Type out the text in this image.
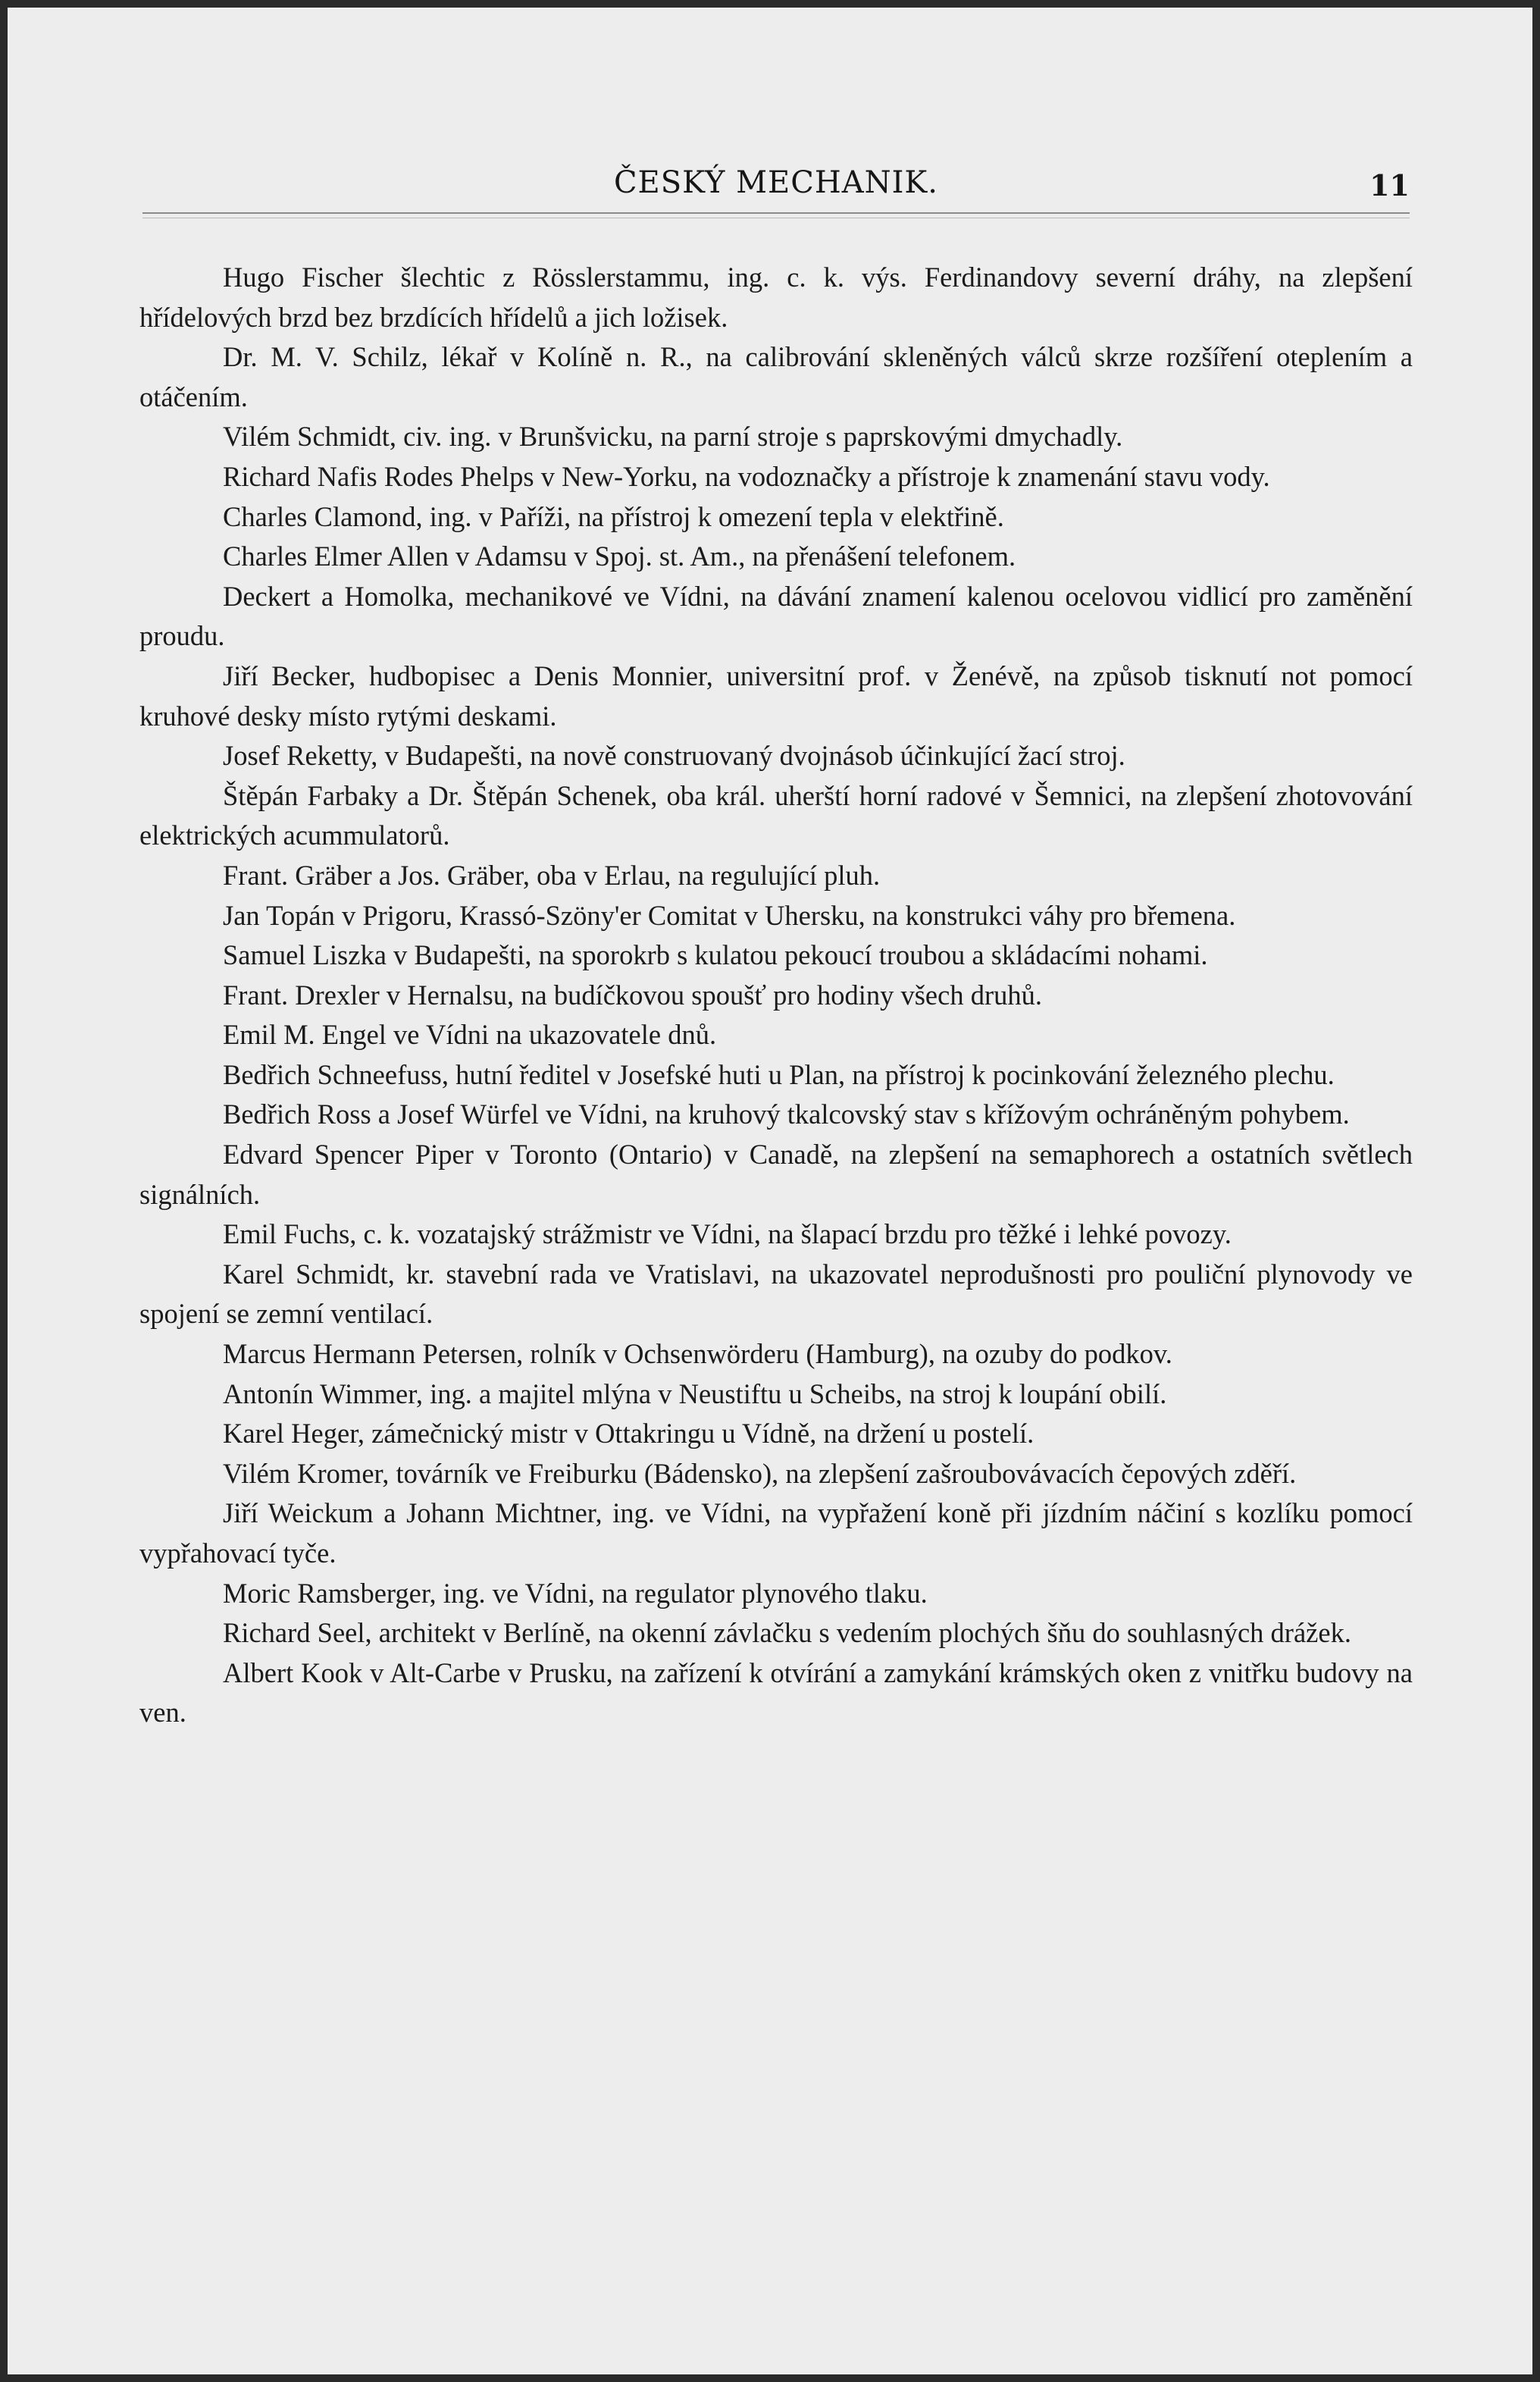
ČESKÝ MECHANIK.	11

Hugo Fischer šlechtic z Rösslerstammu, ing. c. k. výs. Ferdinandovy severní dráhy, na zlepšení hřídelových brzd bez brzdících hřídelů a jich ložisek.

Dr. M. V. Schilz, lékař v Kolíně n. R., na calibrování skleněných válců skrze rozšíření oteplením a otáčením.

Vilém Schmidt, civ. ing. v Brunšvicku, na parní stroje s paprskovými dmychadly.

Richard Nafis Rodes Phelps v New-Yorku, na vodoznačky a přístroje k znamenání stavu vody.

Charles Clamond, ing. v Paříži, na přístroj k omezení tepla v elektřině.

Charles Elmer Allen v Adamsu v Spoj. st. Am., na přenášení telefonem.

Deckert a Homolka, mechanikové ve Vídni, na dávání znamení kalenou ocelovou vidlicí pro zaměnění proudu.

Jiří Becker, hudbopisec a Denis Monnier, universitní prof. v Ženévě, na způsob tisknutí not pomocí kruhové desky místo rytými deskami.

Josef Reketty, v Budapešti, na nově construovaný dvojnásob účinkující žací stroj.

Štěpán Farbaky a Dr. Štěpán Schenek, oba král. uherští horní radové v Šemnici, na zlepšení zhotovování elektrických acummulatorů.

Frant. Gräber a Jos. Gräber, oba v Erlau, na regulující pluh.

Jan Topán v Prigoru, Krassó-Szöny'er Comitat v Uhersku, na konstrukci váhy pro břemena.

Samuel Liszka v Budapešti, na sporokrb s kulatou pekoucí troubou a skládacími nohami.

Frant. Drexler v Hernalsu, na budíčkovou spoušť pro hodiny všech druhů.

Emil M. Engel ve Vídni na ukazovatele dnů.

Bedřich Schneefuss, hutní ředitel v Josefské huti u Plan, na přístroj k pocinkování železného plechu.

Bedřich Ross a Josef Würfel ve Vídni, na kruhový tkalcovský stav s křížovým ochráněným pohybem.

Edvard Spencer Piper v Toronto (Ontario) v Canadě, na zlepšení na semaphorech a ostatních světlech signálních.

Emil Fuchs, c. k. vozatajský strážmistr ve Vídni, na šlapací brzdu pro těžké i lehké povozy.

Karel Schmidt, kr. stavební rada ve Vratislavi, na ukazovatel neprodušnosti pro pouliční plynovody ve spojení se zemní ventilací.

Marcus Hermann Petersen, rolník v Ochsenwörderu (Hamburg), na ozuby do podkov.

Antonín Wimmer, ing. a majitel mlýna v Neustiftu u Scheibs, na stroj k loupání obilí.

Karel Heger, zámečnický mistr v Ottakringu u Vídně, na držení u postelí.

Vilém Kromer, továrník ve Freiburku (Bádensko), na zlepšení zašroubovávacích čepových zděří.

Jiří Weickum a Johann Michtner, ing. ve Vídni, na vypřažení koně při jízdním náčiní s kozlíku pomocí vypřahovací tyče.

Moric Ramsberger, ing. ve Vídni, na regulator plynového tlaku.

Richard Seel, architekt v Berlíně, na okenní závlačku s vedením plochých šňu do souhlasných drážek.

Albert Kook v Alt-Carbe v Prusku, na zařízení k otvírání a zamykání krámských oken z vnitřku budovy na ven.
